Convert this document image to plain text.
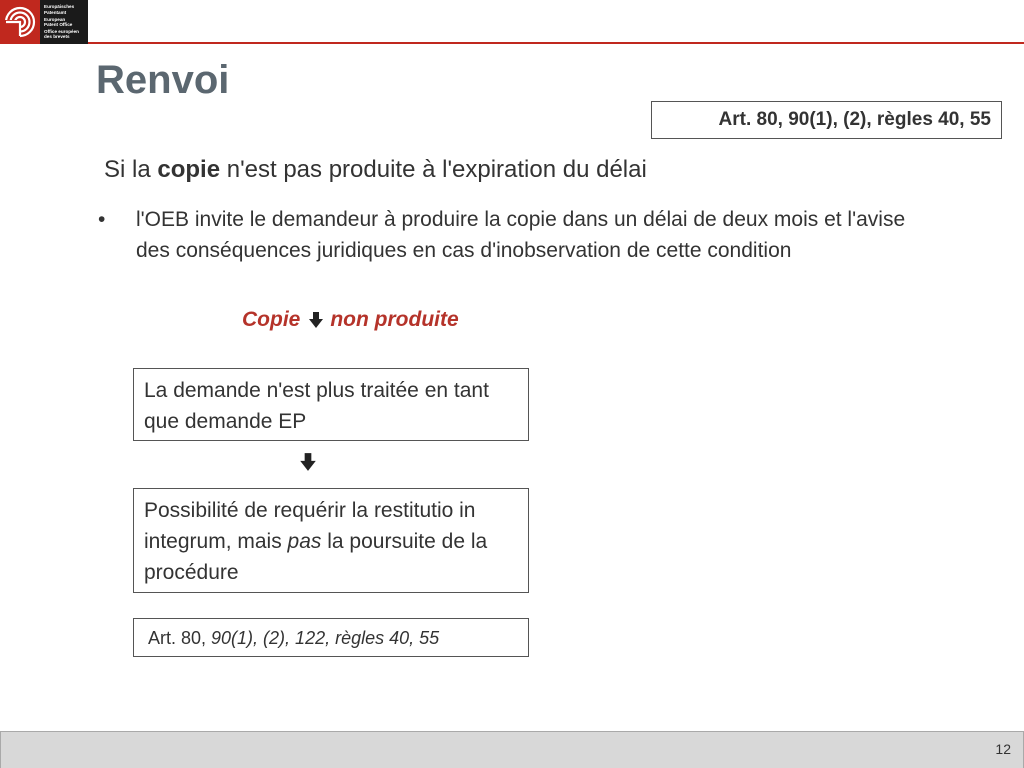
Europäisches
Patentamt
European
Patent Office
Office européen
des brevets
Renvoi
Art. 80, 90(1), (2), règles 40, 55
Si la copie n'est pas produite à l'expiration du délai
•	l'OEB invite le demandeur à produire la copie dans un délai de deux mois et l'avise des conséquences juridiques en cas d'inobservation de cette condition
Copie non produite
La demande n'est plus traitée en tant que demande EP
Possibilité de requérir la restitutio in integrum, mais pas la poursuite de la procédure
Art. 80, 90(1), (2), 122, règles 40, 55
12
